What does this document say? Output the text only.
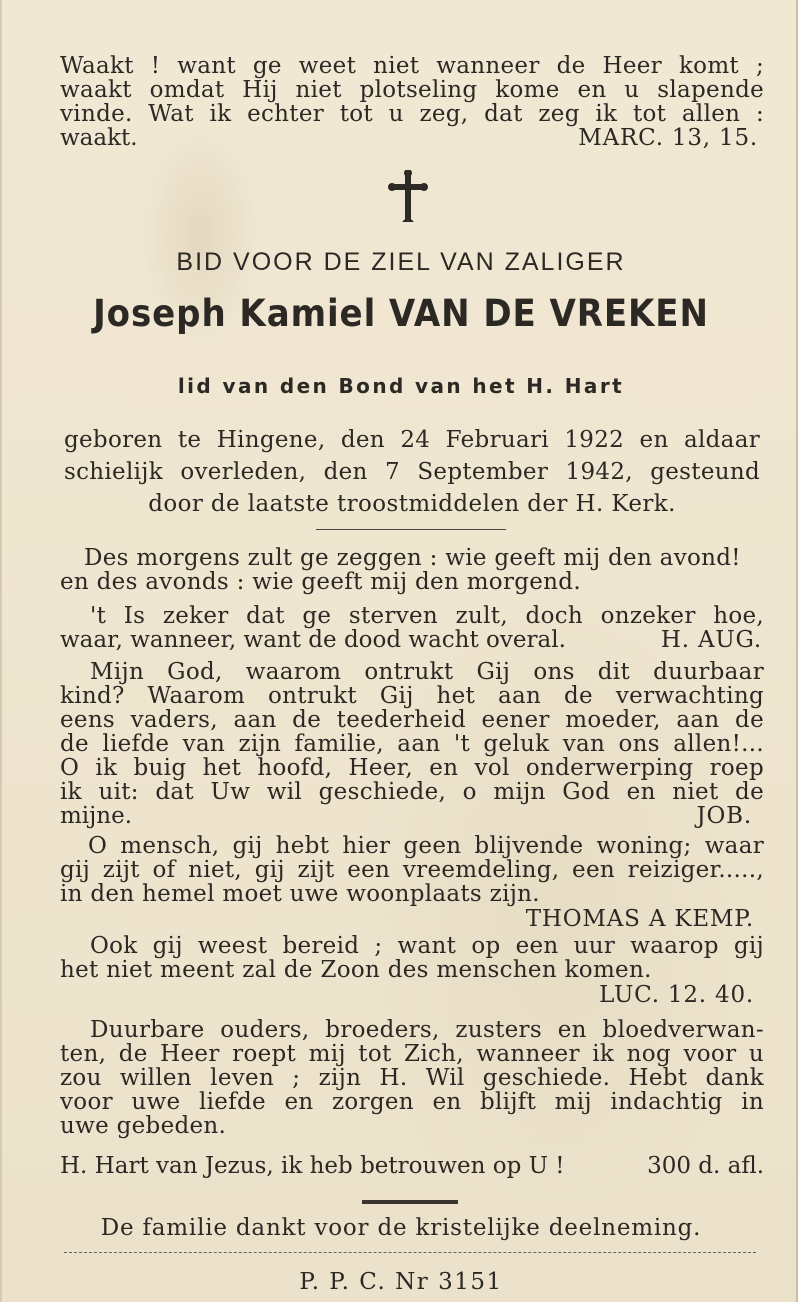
Waakt ! want ge weet niet wanneer de Heer komt ;
waakt omdat Hij niet plotseling kome en u slapende
vinde. Wat ik echter tot u zeg, dat zeg ik tot allen :
waakt.	MARC. 13, 15.
BID VOOR DE ZIEL VAN ZALIGER
Joseph Kamiel VAN DE VREKEN
lid van den Bond van het H. Hart
geboren te Hingene, den 24 Februari 1922 en aldaar
schielijk overleden, den 7 September 1942, gesteund
door de laatste troostmiddelen der H. Kerk.
Des morgens zult ge zeggen : wie geeft mij den avond!
en des avonds : wie geeft mij den morgend.
't Is zeker dat ge sterven zult, doch onzeker hoe,
waar, wanneer, want de dood wacht overal.	H. AUG.
Mijn God, waarom ontrukt Gij ons dit duurbaar
kind? Waarom ontrukt Gij het aan de verwachting
eens vaders, aan de teederheid eener moeder, aan de
de liefde van zijn familie, aan 't geluk van ons allen!...
O ik buig het hoofd, Heer, en vol onderwerping roep
ik uit: dat Uw wil geschiede, o mijn God en niet de
mijne.	JOB.
O mensch, gij hebt hier geen blijvende woning; waar
gij zijt of niet, gij zijt een vreemdeling, een reiziger.....,
in den hemel moet uwe woonplaats zijn.
THOMAS A KEMP.
Ook gij weest bereid ; want op een uur waarop gij
het niet meent zal de Zoon des menschen komen.
LUC. 12. 40.
Duurbare ouders, broeders, zusters en bloedverwan-
ten, de Heer roept mij tot Zich, wanneer ik nog voor u
zou willen leven ; zijn H. Wil geschiede. Hebt dank
voor uwe liefde en zorgen en blijft mij indachtig in
uwe gebeden.
H. Hart van Jezus, ik heb betrouwen op U !	300 d. afl.
De familie dankt voor de kristelijke deelneming.
P. P. C. Nr 3151
